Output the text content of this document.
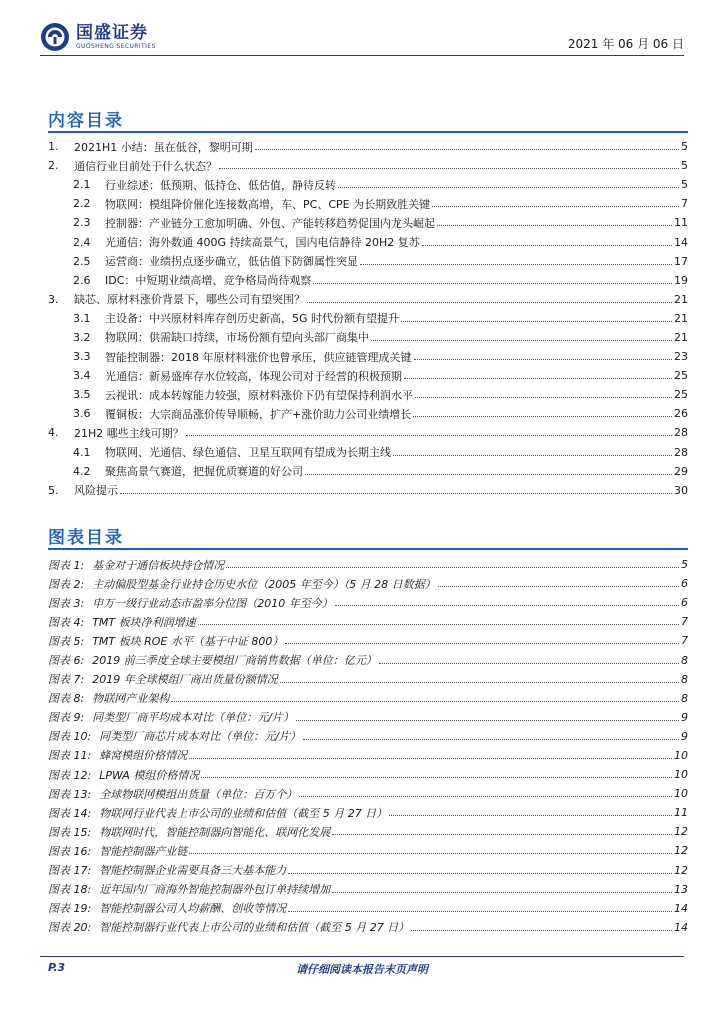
国盛证券
GUOSHENG SECURITIES	2021 年 06 月 06 日
内容目录
1.	2021H1 小结：虽在低谷，黎明可期	5
2.	通信行业目前处于什么状态？	5
2.1	行业综述：低预期、低持仓、低估值，静待反转	5
2.2	物联网：模组降价催化连接数高增，车、PC、CPE 为长期致胜关键	7
2.3	控制器：产业链分工愈加明确、外包、产能转移趋势促国内龙头崛起	11
2.4	光通信：海外数通 400G 持续高景气，国内电信静待 20H2 复苏	14
2.5	运营商：业绩拐点逐步确立，低估值下防御属性突显	17
2.6	IDC：中短期业绩高增、竞争格局尚待观察	19
3.	缺芯、原材料涨价背景下，哪些公司有望突围？	21
3.1	主设备：中兴原材料库存创历史新高，5G 时代份额有望提升	21
3.2	物联网：供需缺口持续，市场份额有望向头部厂商集中	21
3.3	智能控制器：2018 年原材料涨价也曾承压，供应链管理成关键	23
3.4	光通信：新易盛库存水位较高，体现公司对于经营的积极预期	25
3.5	云视讯：成本转嫁能力较强，原材料涨价下仍有望保持利润水平	25
3.6	覆铜板：大宗商品涨价传导顺畅，扩产+涨价助力公司业绩增长	26
4.	21H2 哪些主线可期？	28
4.1	物联网、光通信、绿色通信、卫星互联网有望成为长期主线	28
4.2	聚焦高景气赛道，把握优质赛道的好公司	29
5.	风险提示	30
图表目录
图表 1: 基金对于通信板块持仓情况	5
图表 2: 主动偏股型基金行业持仓历史水位（2005 年至今）（5 月 28 日数据）	6
图表 3: 申万一级行业动态市盈率分位图（2010 年至今）	6
图表 4: TMT 板块净利润增速	7
图表 5: TMT 板块 ROE 水平（基于中证 800）	7
图表 6: 2019 前三季度全球主要模组厂商销售数据（单位：亿元）	8
图表 7: 2019 年全球模组厂商出货量份额情况	8
图表 8: 物联网产业架构	8
图表 9: 同类型厂商平均成本对比（单位：元/片）	9
图表 10: 同类型厂商芯片成本对比（单位：元/片）	9
图表 11: 蜂窝模组价格情况	10
图表 12: LPWA 模组价格情况	10
图表 13: 全球物联网模组出货量（单位：百万个）	10
图表 14: 物联网行业代表上市公司的业绩和估值（截至 5 月 27 日）	11
图表 15: 物联网时代，智能控制器向智能化、联网化发展	12
图表 16: 智能控制器产业链	12
图表 17: 智能控制器企业需要具备三大基本能力	12
图表 18: 近年国内厂商海外智能控制器外包订单持续增加	13
图表 19: 智能控制器公司人均薪酬、创收等情况	14
图表 20: 智能控制器行业代表上市公司的业绩和估值（截至 5 月 27 日）	14
请仔细阅读本报告末页声明
P.3
